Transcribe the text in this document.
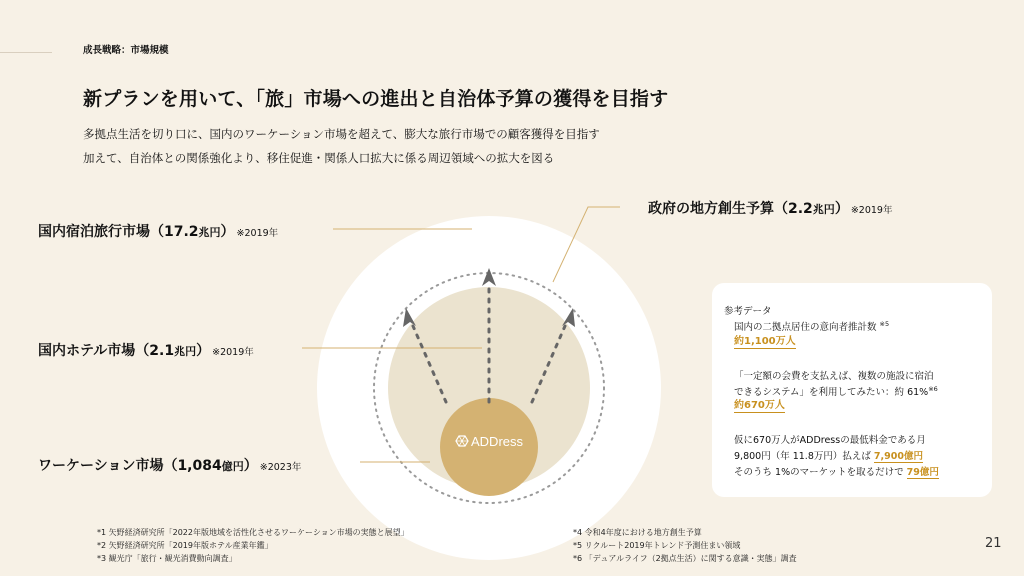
成長戦略：市場規模
新プランを用いて、「旅」市場への進出と自治体予算の獲得を目指す
多拠点生活を切り口に、国内のワーケーション市場を超えて、膨大な旅行市場での顧客獲得を目指す
加えて、自治体との関係強化より、移住促進・関係人口拡大に係る周辺領域への拡大を図る
ADDress
国内宿泊旅行市場（17.2兆円） ※2019年
国内ホテル市場（2.1兆円） ※2019年
ワーケーション市場（1,084億円） ※2023年
政府の地方創生予算（2.2兆円） ※2019年
参考データ
国内の二拠点居住の意向者推計数 $^{※5}$
約1,100万人
「一定額の会費を支払えば、複数の施設に宿泊
できるシステム」を利用してみたい：約 61%$^{※6}$
約670万人
仮に670万人がADDressの最低料金である月
9,800円（年 11.8万円）払えば 7,900億円
そのうち 1%のマーケットを取るだけで 79億円
*1 矢野経済研究所「2022年版地域を活性化させるワーケーション市場の実態と展望」
*2 矢野経済研究所「2019年版ホテル産業年鑑」
*3 観光庁「旅行・観光消費動向調査」
*4 令和4年度における地方創生予算
*5 リクルート2019年トレンド予測住まい領域
*6 「デュアルライフ（2拠点生活）に関する意識・実態」調査
21
